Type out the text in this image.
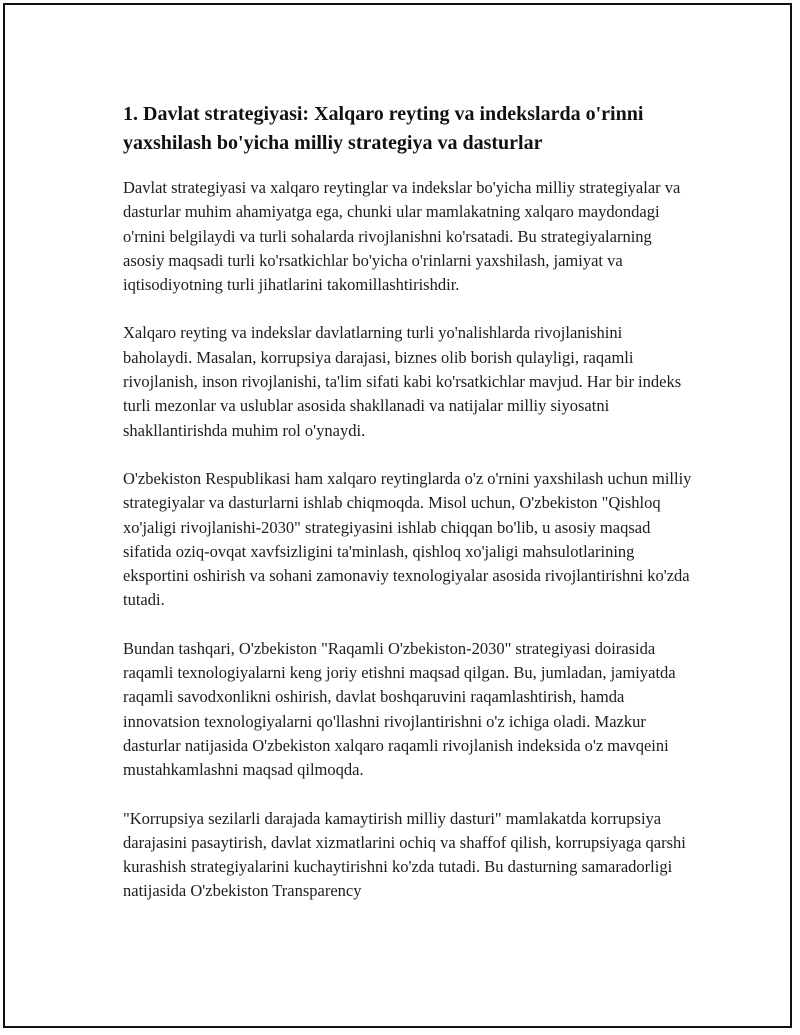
1. Davlat strategiyasi: Xalqaro reyting va indekslarda o'rinni yaxshilash bo'yicha milliy strategiya va dasturlar

Davlat strategiyasi va xalqaro reytinglar va indekslar bo'yicha milliy strategiyalar va dasturlar muhim ahamiyatga ega, chunki ular mamlakatning xalqaro maydondagi o'rnini belgilaydi va turli sohalarda rivojlanishni ko'rsatadi. Bu strategiyalarning asosiy maqsadi turli ko'rsatkichlar bo'yicha o'rinlarni yaxshilash, jamiyat va iqtisodiyotning turli jihatlarini takomillashtirishdir.

Xalqaro reyting va indekslar davlatlarning turli yo'nalishlarda rivojlanishini baholaydi. Masalan, korrupsiya darajasi, biznes olib borish qulayligi, raqamli rivojlanish, inson rivojlanishi, ta'lim sifati kabi ko'rsatkichlar mavjud. Har bir indeks turli mezonlar va uslublar asosida shakllanadi va natijalar milliy siyosatni shakllantirishda muhim rol o'ynaydi.

O'zbekiston Respublikasi ham xalqaro reytinglarda o'z o'rnini yaxshilash uchun milliy strategiyalar va dasturlarni ishlab chiqmoqda. Misol uchun, O'zbekiston "Qishloq xo'jaligi rivojlanishi-2030" strategiyasini ishlab chiqqan bo'lib, u asosiy maqsad sifatida oziq-ovqat xavfsizligini ta'minlash, qishloq xo'jaligi mahsulotlarining eksportini oshirish va sohani zamonaviy texnologiyalar asosida rivojlantirishni ko'zda tutadi.

Bundan tashqari, O'zbekiston "Raqamli O'zbekiston-2030" strategiyasi doirasida raqamli texnologiyalarni keng joriy etishni maqsad qilgan. Bu, jumladan, jamiyatda raqamli savodxonlikni oshirish, davlat boshqaruvini raqamlashtirish, hamda innovatsion texnologiyalarni qo'llashni rivojlantirishni o'z ichiga oladi. Mazkur dasturlar natijasida O'zbekiston xalqaro raqamli rivojlanish indeksida o'z mavqeini mustahkamlashni maqsad qilmoqda.

"Korrupsiya sezilarli darajada kamaytirish milliy dasturi" mamlakatda korrupsiya darajasini pasaytirish, davlat xizmatlarini ochiq va shaffof qilish, korrupsiyaga qarshi kurashish strategiyalarini kuchaytirishni ko'zda tutadi. Bu dasturning samaradorligi natijasida O'zbekiston Transparency
